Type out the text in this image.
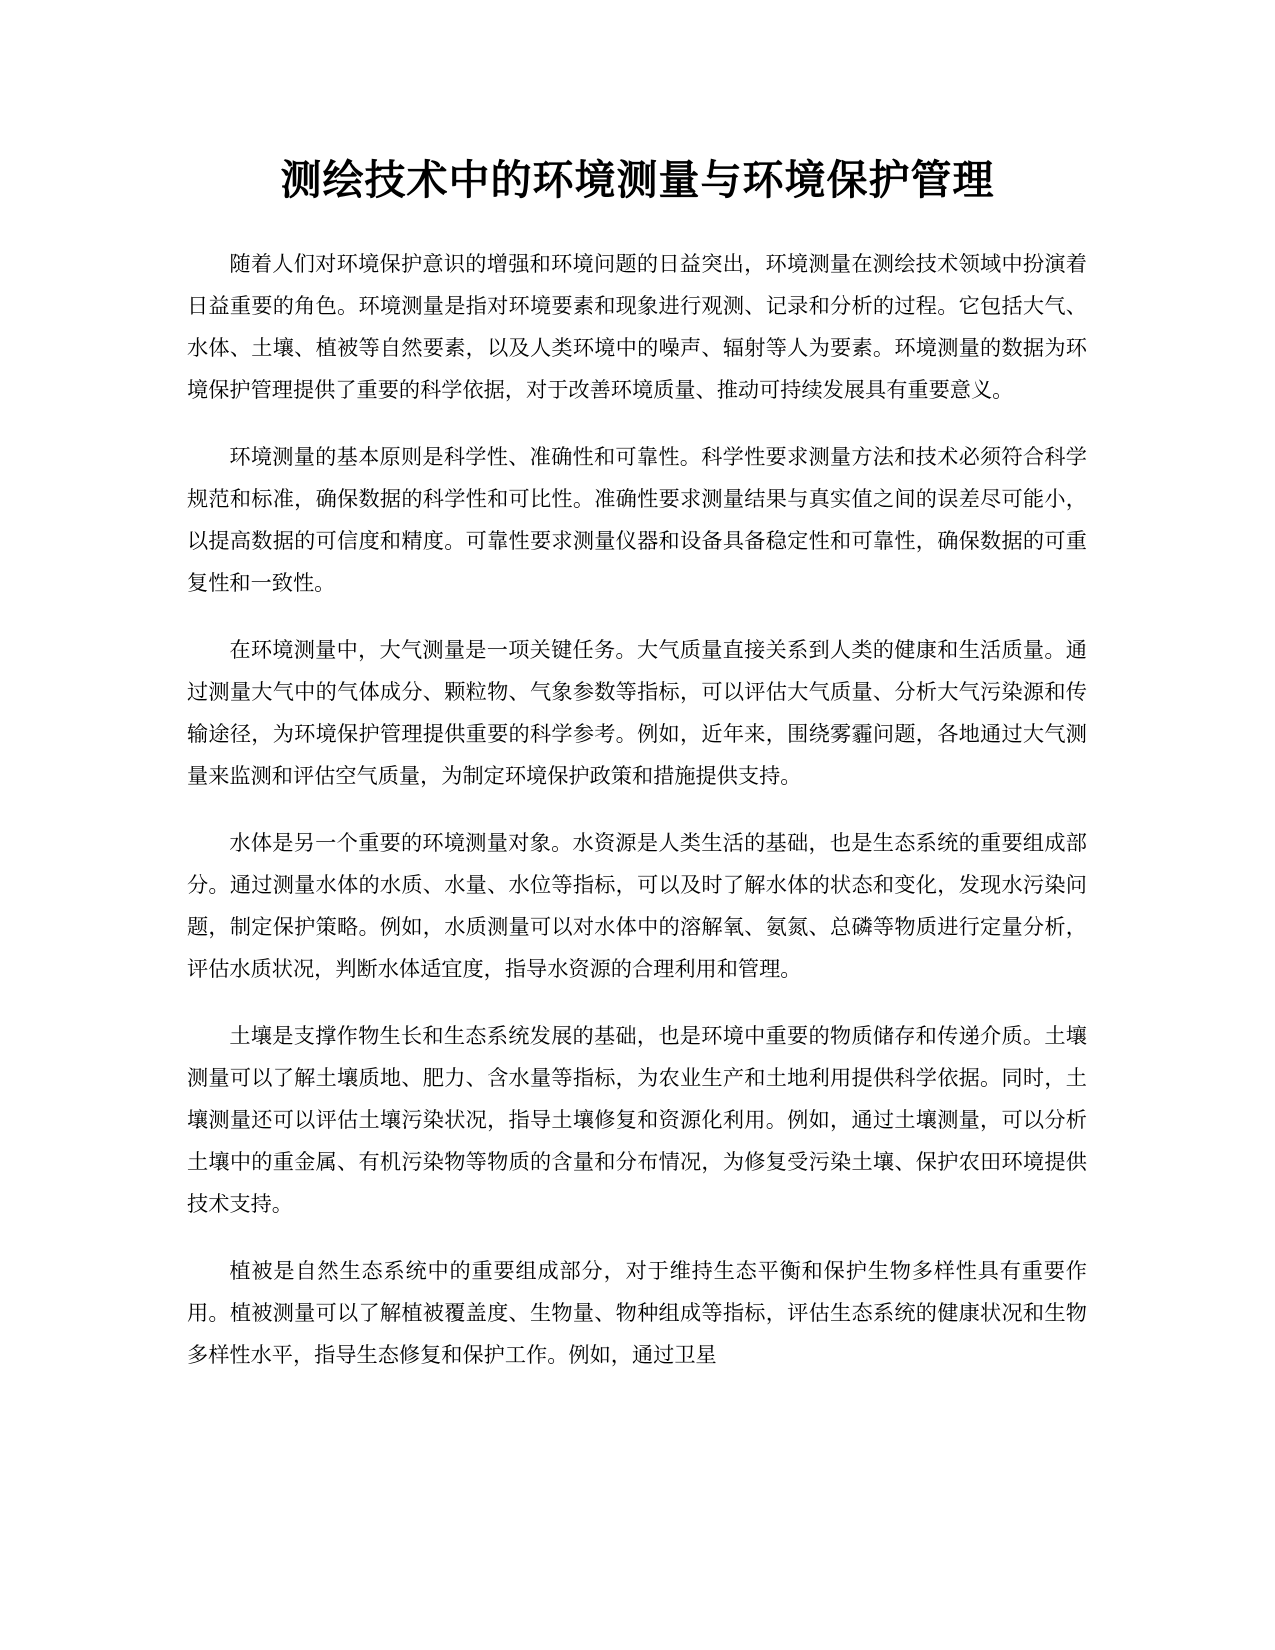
测绘技术中的环境测量与环境保护管理

随着人们对环境保护意识的增强和环境问题的日益突出，环境测量在测绘技术领域中扮演着日益重要的角色。环境测量是指对环境要素和现象进行观测、记录和分析的过程。它包括大气、水体、土壤、植被等自然要素，以及人类环境中的噪声、辐射等人为要素。环境测量的数据为环境保护管理提供了重要的科学依据，对于改善环境质量、推动可持续发展具有重要意义。

环境测量的基本原则是科学性、准确性和可靠性。科学性要求测量方法和技术必须符合科学规范和标准，确保数据的科学性和可比性。准确性要求测量结果与真实值之间的误差尽可能小，以提高数据的可信度和精度。可靠性要求测量仪器和设备具备稳定性和可靠性，确保数据的可重复性和一致性。

在环境测量中，大气测量是一项关键任务。大气质量直接关系到人类的健康和生活质量。通过测量大气中的气体成分、颗粒物、气象参数等指标，可以评估大气质量、分析大气污染源和传输途径，为环境保护管理提供重要的科学参考。例如，近年来，围绕雾霾问题，各地通过大气测量来监测和评估空气质量，为制定环境保护政策和措施提供支持。

水体是另一个重要的环境测量对象。水资源是人类生活的基础，也是生态系统的重要组成部分。通过测量水体的水质、水量、水位等指标，可以及时了解水体的状态和变化，发现水污染问题，制定保护策略。例如，水质测量可以对水体中的溶解氧、氨氮、总磷等物质进行定量分析，评估水质状况，判断水体适宜度，指导水资源的合理利用和管理。

土壤是支撑作物生长和生态系统发展的基础，也是环境中重要的物质储存和传递介质。土壤测量可以了解土壤质地、肥力、含水量等指标，为农业生产和土地利用提供科学依据。同时，土壤测量还可以评估土壤污染状况，指导土壤修复和资源化利用。例如，通过土壤测量，可以分析土壤中的重金属、有机污染物等物质的含量和分布情况，为修复受污染土壤、保护农田环境提供技术支持。

植被是自然生态系统中的重要组成部分，对于维持生态平衡和保护生物多样性具有重要作用。植被测量可以了解植被覆盖度、生物量、物种组成等指标，评估生态系统的健康状况和生物多样性水平，指导生态修复和保护工作。例如，通过卫星
